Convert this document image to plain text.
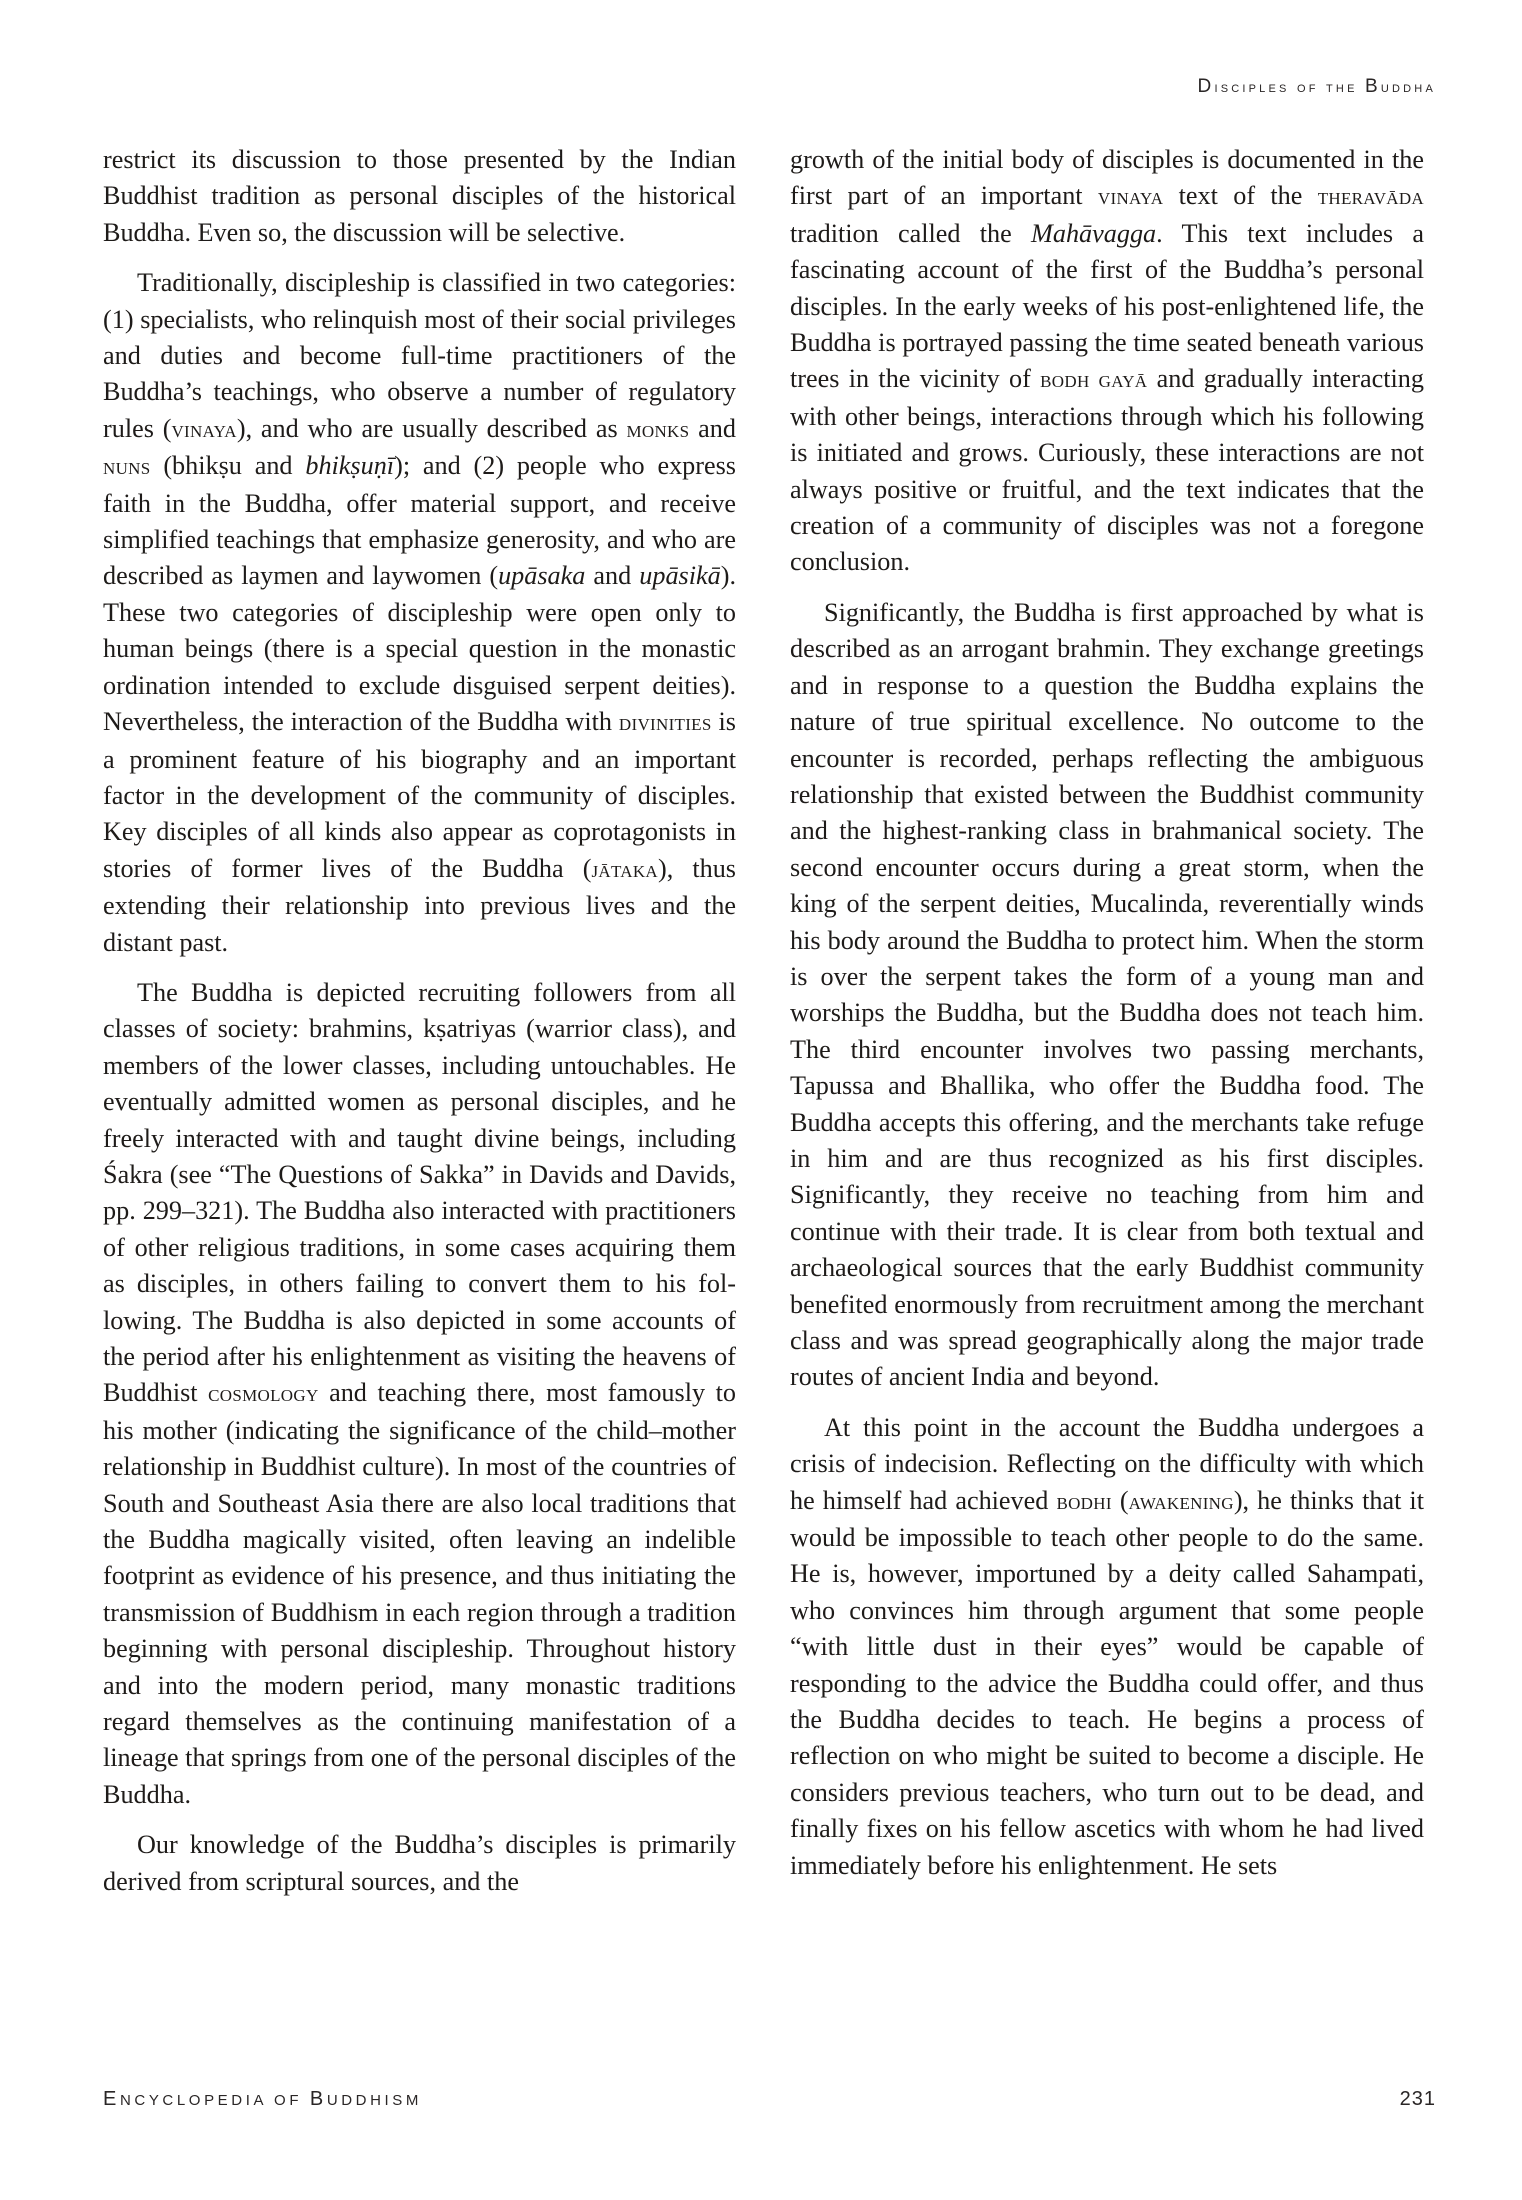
Disciples of the Buddha

restrict its discussion to those presented by the Indian Buddhist tradition as personal disciples of the historical Buddha. Even so, the discussion will be selective.

Traditionally, discipleship is classified in two categories: (1) specialists, who relinquish most of their social privileges and duties and become full-time practitioners of the Buddha’s teachings, who observe a number of regulatory rules (vinaya), and who are usually described as monks and nuns (bhikṣu and bhikṣuṇī); and (2) people who express faith in the Buddha, offer material support, and receive simplified teachings that emphasize generosity, and who are described as laymen and laywomen (upāsaka and upāsikā). These two categories of discipleship were open only to human beings (there is a special question in the monastic ordination intended to exclude disguised serpent deities). Nevertheless, the interaction of the Buddha with divinities is a prominent feature of his biography and an important factor in the development of the community of disciples. Key disciples of all kinds also appear as coprotagonists in stories of former lives of the Buddha (jātaka), thus extending their relationship into previous lives and the distant past.

The Buddha is depicted recruiting followers from all classes of society: brahmins, kṣatriyas (warrior class), and members of the lower classes, including untouchables. He eventually admitted women as personal disciples, and he freely interacted with and taught divine beings, including Śakra (see “The Questions of Sakka” in Davids and Davids, pp. 299–321). The Buddha also interacted with practitioners of other religious traditions, in some cases acquiring them as disciples, in others failing to convert them to his following. The Buddha is also depicted in some accounts of the period after his enlightenment as visiting the heavens of Buddhist cosmology and teaching there, most famously to his mother (indicating the significance of the child–mother relationship in Buddhist culture). In most of the countries of South and Southeast Asia there are also local traditions that the Buddha magically visited, often leaving an indelible footprint as evidence of his presence, and thus initiating the transmission of Buddhism in each region through a tradition beginning with personal discipleship. Throughout history and into the modern period, many monastic traditions regard themselves as the continuing manifestation of a lineage that springs from one of the personal disciples of the Buddha.

Our knowledge of the Buddha’s disciples is primarily derived from scriptural sources, and the

growth of the initial body of disciples is documented in the first part of an important vinaya text of the theravāda tradition called the Mahāvagga. This text includes a fascinating account of the first of the Buddha’s personal disciples. In the early weeks of his post-enlightened life, the Buddha is portrayed passing the time seated beneath various trees in the vicinity of bodh gayā and gradually interacting with other beings, interactions through which his following is initiated and grows. Curiously, these interactions are not always positive or fruitful, and the text indicates that the creation of a community of disciples was not a foregone conclusion.

Significantly, the Buddha is first approached by what is described as an arrogant brahmin. They exchange greetings and in response to a question the Buddha explains the nature of true spiritual excellence. No outcome to the encounter is recorded, perhaps reflecting the ambiguous relationship that existed between the Buddhist community and the highest-ranking class in brahmanical society. The second encounter occurs during a great storm, when the king of the serpent deities, Mucalinda, reverentially winds his body around the Buddha to protect him. When the storm is over the serpent takes the form of a young man and worships the Buddha, but the Buddha does not teach him. The third encounter involves two passing merchants, Tapussa and Bhallika, who offer the Buddha food. The Buddha accepts this offering, and the merchants take refuge in him and are thus recognized as his first disciples. Significantly, they receive no teaching from him and continue with their trade. It is clear from both textual and archaeological sources that the early Buddhist community benefited enormously from recruitment among the merchant class and was spread geographically along the major trade routes of ancient India and beyond.

At this point in the account the Buddha undergoes a crisis of indecision. Reflecting on the difficulty with which he himself had achieved bodhi (awakening), he thinks that it would be impossible to teach other people to do the same. He is, however, importuned by a deity called Sahampati, who convinces him through argument that some people “with little dust in their eyes” would be capable of responding to the advice the Buddha could offer, and thus the Buddha decides to teach. He begins a process of reflection on who might be suited to become a disciple. He considers previous teachers, who turn out to be dead, and finally fixes on his fellow ascetics with whom he had lived immediately before his enlightenment. He sets

ENCYCLOPEDIA OF BUDDHISM	231
